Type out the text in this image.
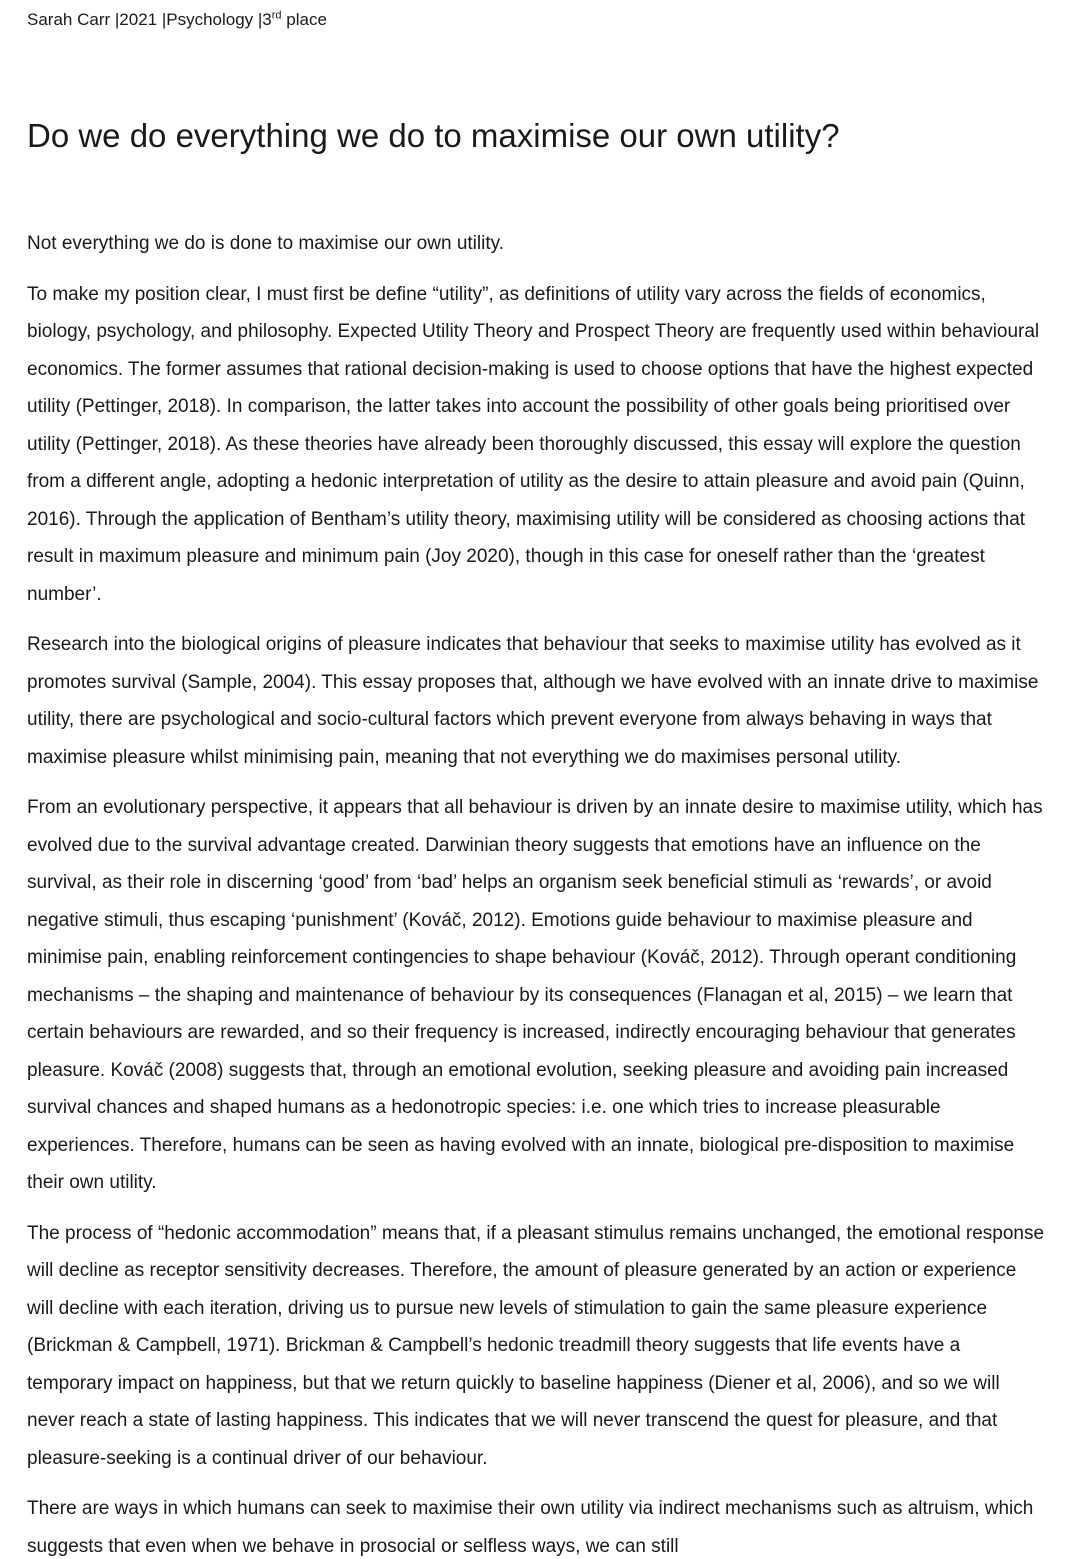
Sarah Carr |2021 |Psychology |3rd place

Do we do everything we do to maximise our own utility?

Not everything we do is done to maximise our own utility.

To make my position clear, I must first be define “utility”, as definitions of utility vary across the fields of economics, biology, psychology, and philosophy. Expected Utility Theory and Prospect Theory are frequently used within behavioural economics. The former assumes that rational decision-making is used to choose options that have the highest expected utility (Pettinger, 2018). In comparison, the latter takes into account the possibility of other goals being prioritised over utility (Pettinger, 2018). As these theories have already been thoroughly discussed, this essay will explore the question from a different angle, adopting a hedonic interpretation of utility as the desire to attain pleasure and avoid pain (Quinn, 2016). Through the application of Bentham’s utility theory, maximising utility will be considered as choosing actions that result in maximum pleasure and minimum pain (Joy 2020), though in this case for oneself rather than the ‘greatest number’.

Research into the biological origins of pleasure indicates that behaviour that seeks to maximise utility has evolved as it promotes survival (Sample, 2004). This essay proposes that, although we have evolved with an innate drive to maximise utility, there are psychological and socio-cultural factors which prevent everyone from always behaving in ways that maximise pleasure whilst minimising pain, meaning that not everything we do maximises personal utility.

From an evolutionary perspective, it appears that all behaviour is driven by an innate desire to maximise utility, which has evolved due to the survival advantage created. Darwinian theory suggests that emotions have an influence on the survival, as their role in discerning ‘good’ from ‘bad’ helps an organism seek beneficial stimuli as ‘rewards’, or avoid negative stimuli, thus escaping ‘punishment’ (Kováč, 2012). Emotions guide behaviour to maximise pleasure and minimise pain, enabling reinforcement contingencies to shape behaviour (Kováč, 2012). Through operant conditioning mechanisms – the shaping and maintenance of behaviour by its consequences (Flanagan et al, 2015) – we learn that certain behaviours are rewarded, and so their frequency is increased, indirectly encouraging behaviour that generates pleasure. Kováč (2008) suggests that, through an emotional evolution, seeking pleasure and avoiding pain increased survival chances and shaped humans as a hedonotropic species: i.e. one which tries to increase pleasurable experiences. Therefore, humans can be seen as having evolved with an innate, biological pre-disposition to maximise their own utility.

The process of “hedonic accommodation” means that, if a pleasant stimulus remains unchanged, the emotional response will decline as receptor sensitivity decreases. Therefore, the amount of pleasure generated by an action or experience will decline with each iteration, driving us to pursue new levels of stimulation to gain the same pleasure experience (Brickman & Campbell, 1971). Brickman & Campbell’s hedonic treadmill theory suggests that life events have a temporary impact on happiness, but that we return quickly to baseline happiness (Diener et al, 2006), and so we will never reach a state of lasting happiness. This indicates that we will never transcend the quest for pleasure, and that pleasure-seeking is a continual driver of our behaviour.

There are ways in which humans can seek to maximise their own utility via indirect mechanisms such as altruism, which suggests that even when we behave in prosocial or selfless ways, we can still
